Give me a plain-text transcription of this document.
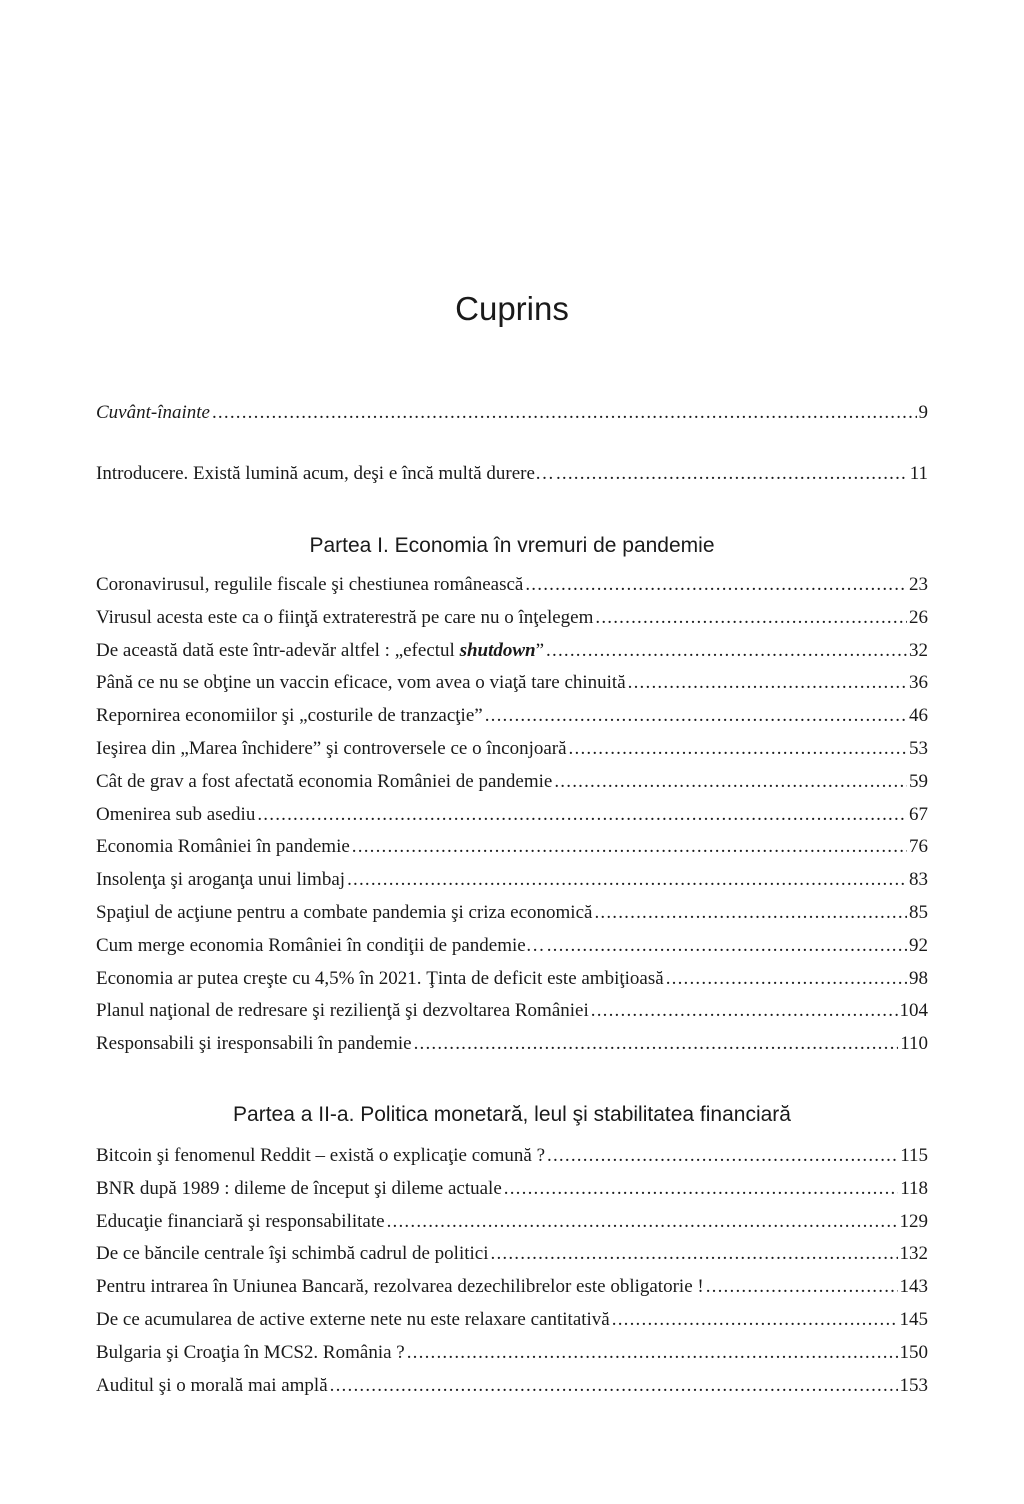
Cuprins
Cuvânt-înainte .....	9
Introducere. Există lumină acum, deşi e încă multă durere… .....	11
Partea I. Economia în vremuri de pandemie
Coronavirusul, regulile fiscale şi chestiunea românească .....	23
Virusul acesta este ca o fiinţă extraterestră pe care nu o înţelegem .....	26
De această dată este într-adevăr altfel : „efectul shutdown” .....	32
Până ce nu se obţine un vaccin eficace, vom avea o viaţă tare chinuită .....	36
Repornirea economiilor şi „costurile de tranzacţie” .....	46
Ieşirea din „Marea închidere” şi controversele ce o înconjoară .....	53
Cât de grav a fost afectată economia României de pandemie .....	59
Omenirea sub asediu .....	67
Economia României în pandemie .....	76
Insolenţa şi aroganţa unui limbaj .....	83
Spaţiul de acţiune pentru a combate pandemia şi criza economică .....	85
Cum merge economia României în condiţii de pandemie… .....	92
Economia ar putea creşte cu 4,5% în 2021. Ţinta de deficit este ambiţioasă .....	98
Planul naţional de redresare şi rezilienţă şi dezvoltarea României .....	104
Responsabili şi iresponsabili în pandemie .....	110
Partea a II-a. Politica monetară, leul şi stabilitatea financiară
Bitcoin şi fenomenul Reddit – există o explicaţie comună ? .....	115
BNR după 1989 : dileme de început şi dileme actuale .....	118
Educaţie financiară şi responsabilitate .....	129
De ce băncile centrale îşi schimbă cadrul de politici .....	132
Pentru intrarea în Uniunea Bancară, rezolvarea dezechilibrelor este obligatorie ! .....	143
De ce acumularea de active externe nete nu este relaxare cantitativă .....	145
Bulgaria şi Croaţia în MCS2. România ? .....	150
Auditul şi o morală mai amplă .....	153
